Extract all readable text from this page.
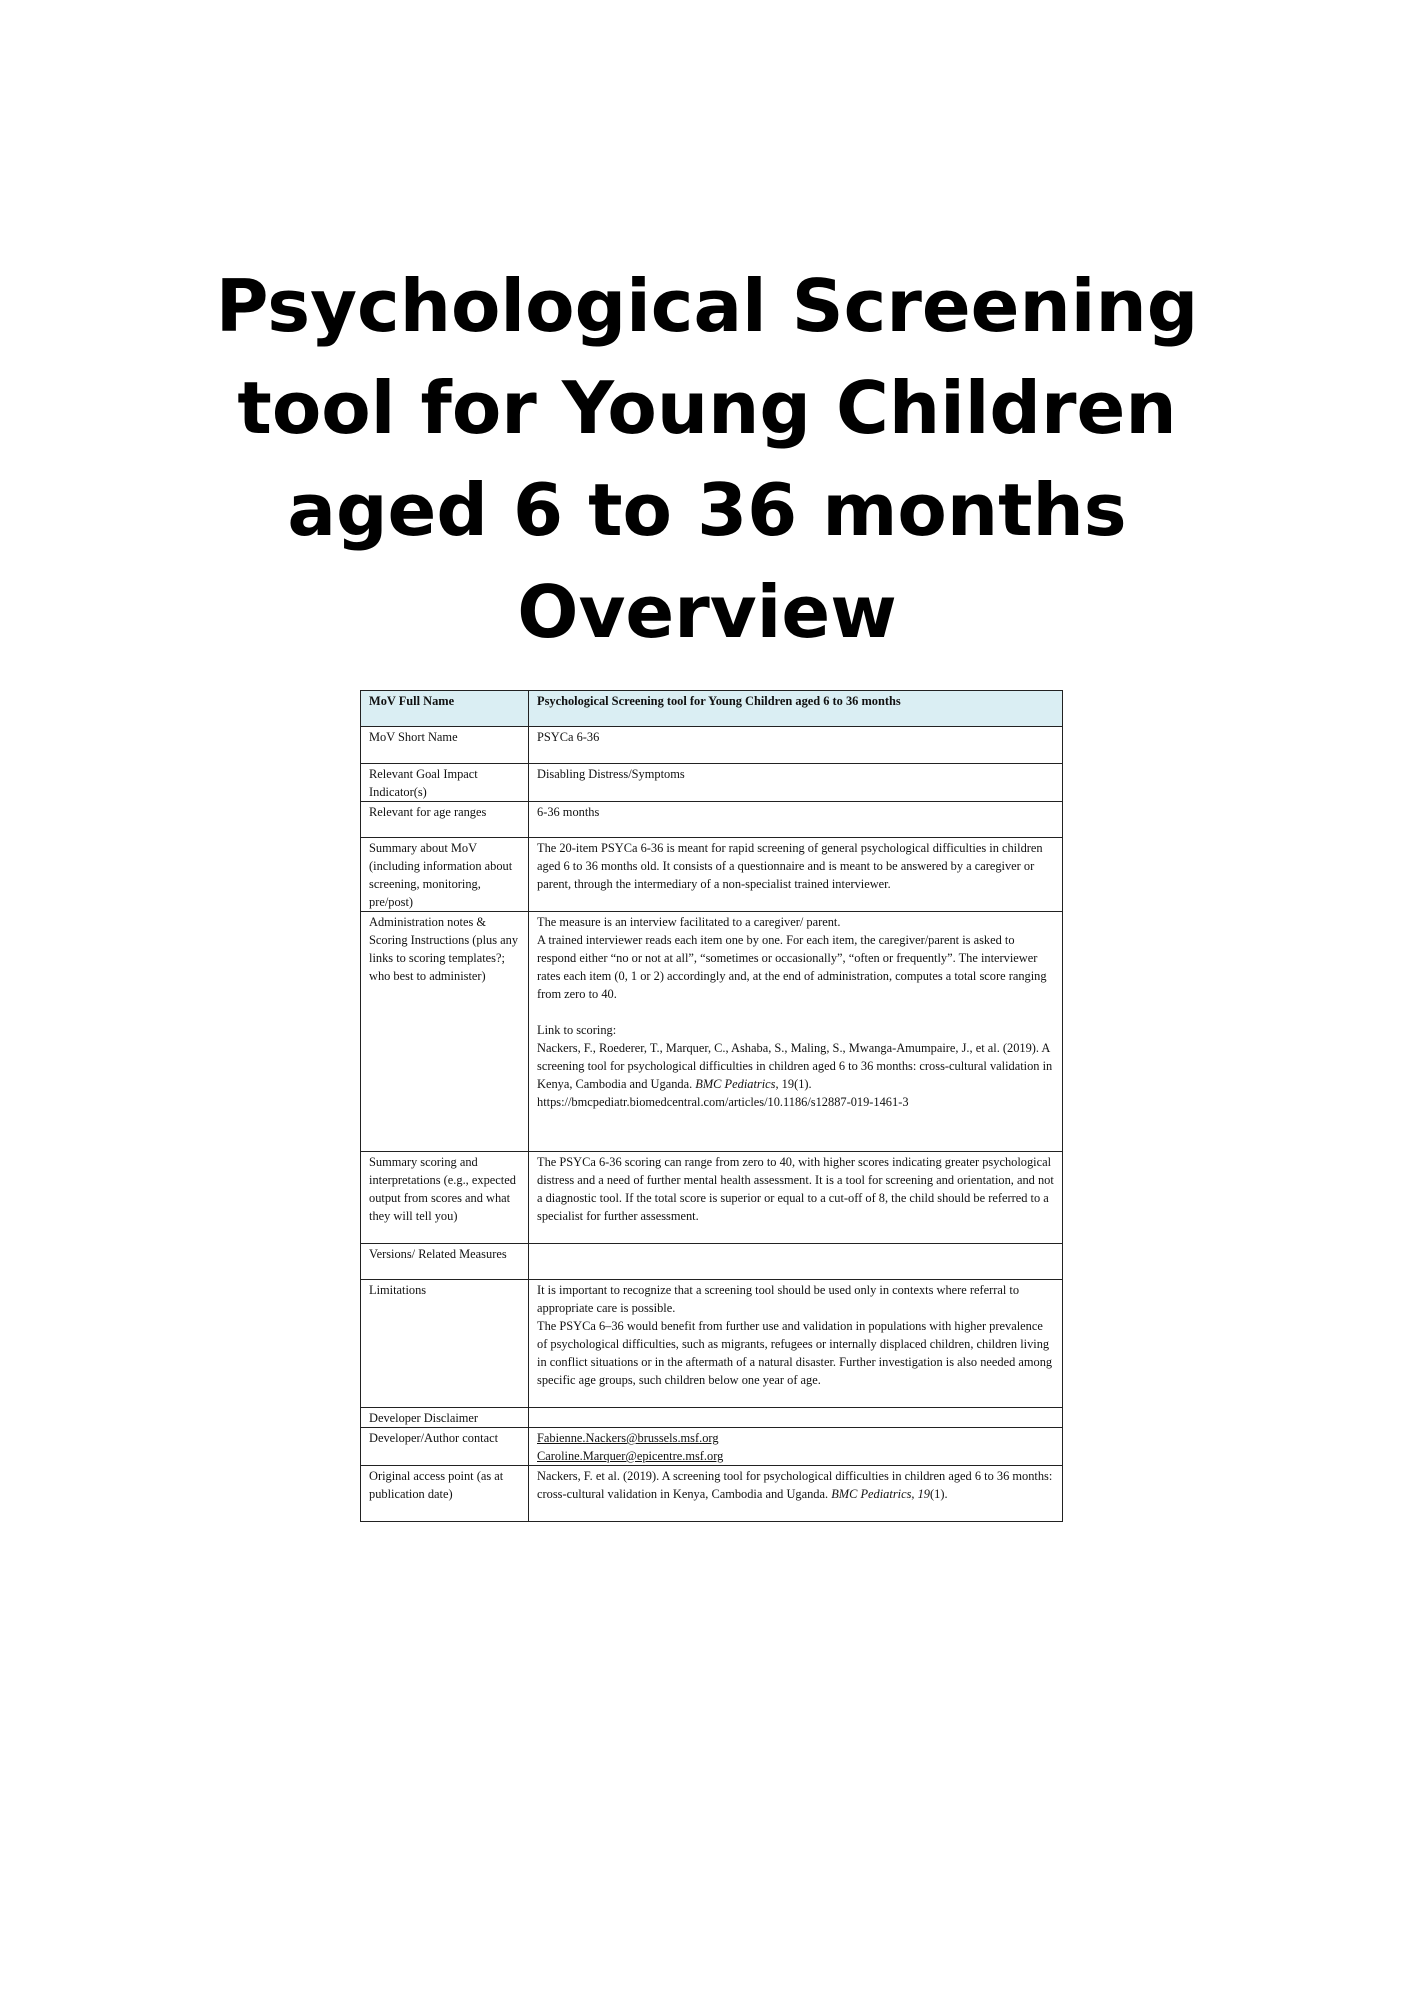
Psychological Screening
tool for Young Children
aged 6 to 36 months
Overview
MoV Full Name	Psychological Screening tool for Young Children aged 6 to 36 months
MoV Short Name	PSYCa 6-36
Relevant Goal Impact Indicator(s)	Disabling Distress/Symptoms
Relevant for age ranges	6-36 months
Summary about MoV (including information about screening, monitoring, pre/post)	The 20-item PSYCa 6-36 is meant for rapid screening of general psychological difficulties in children aged 6 to 36 months old. It consists of a questionnaire and is meant to be answered by a caregiver or parent, through the intermediary of a non-specialist trained interviewer.
Administration notes & Scoring Instructions (plus any links to scoring templates?; who best to administer)	The measure is an interview facilitated to a caregiver/ parent.
A trained interviewer reads each item one by one. For each item, the caregiver/parent is asked to respond either “no or not at all”, “sometimes or occasionally”, “often or frequently”. The interviewer rates each item (0, 1 or 2) accordingly and, at the end of administration, computes a total score ranging from zero to 40.
Link to scoring:
Nackers, F., Roederer, T., Marquer, C., Ashaba, S., Maling, S., Mwanga-Amumpaire, J., et al. (2019). A screening tool for psychological difficulties in children aged 6 to 36 months: cross-cultural validation in Kenya, Cambodia and Uganda. BMC Pediatrics, 19(1).
https://bmcpediatr.biomedcentral.com/articles/10.1186/s12887-019-1461-3

Summary scoring and interpretations (e.g., expected output from scores and what they will tell you)	The PSYCa 6-36 scoring can range from zero to 40, with higher scores indicating greater psychological distress and a need of further mental health assessment. It is a tool for screening and orientation, and not a diagnostic tool. If the total score is superior or equal to a cut-off of 8, the child should be referred to a specialist for further assessment.
Versions/ Related Measures	
Limitations	It is important to recognize that a screening tool should be used only in contexts where referral to appropriate care is possible.
The PSYCa 6–36 would benefit from further use and validation in populations with higher prevalence of psychological difficulties, such as migrants, refugees or internally displaced children, children living in conflict situations or in the aftermath of a natural disaster. Further investigation is also needed among specific age groups, such children below one year of age.

Developer Disclaimer	
Developer/Author contact	Fabienne.Nackers@brussels.msf.org
Caroline.Marquer@epicentre.msf.org

Original access point (as at publication date)	Nackers, F. et al. (2019). A screening tool for psychological difficulties in children aged 6 to 36 months: cross-cultural validation in Kenya, Cambodia and Uganda. BMC Pediatrics, 19(1).
